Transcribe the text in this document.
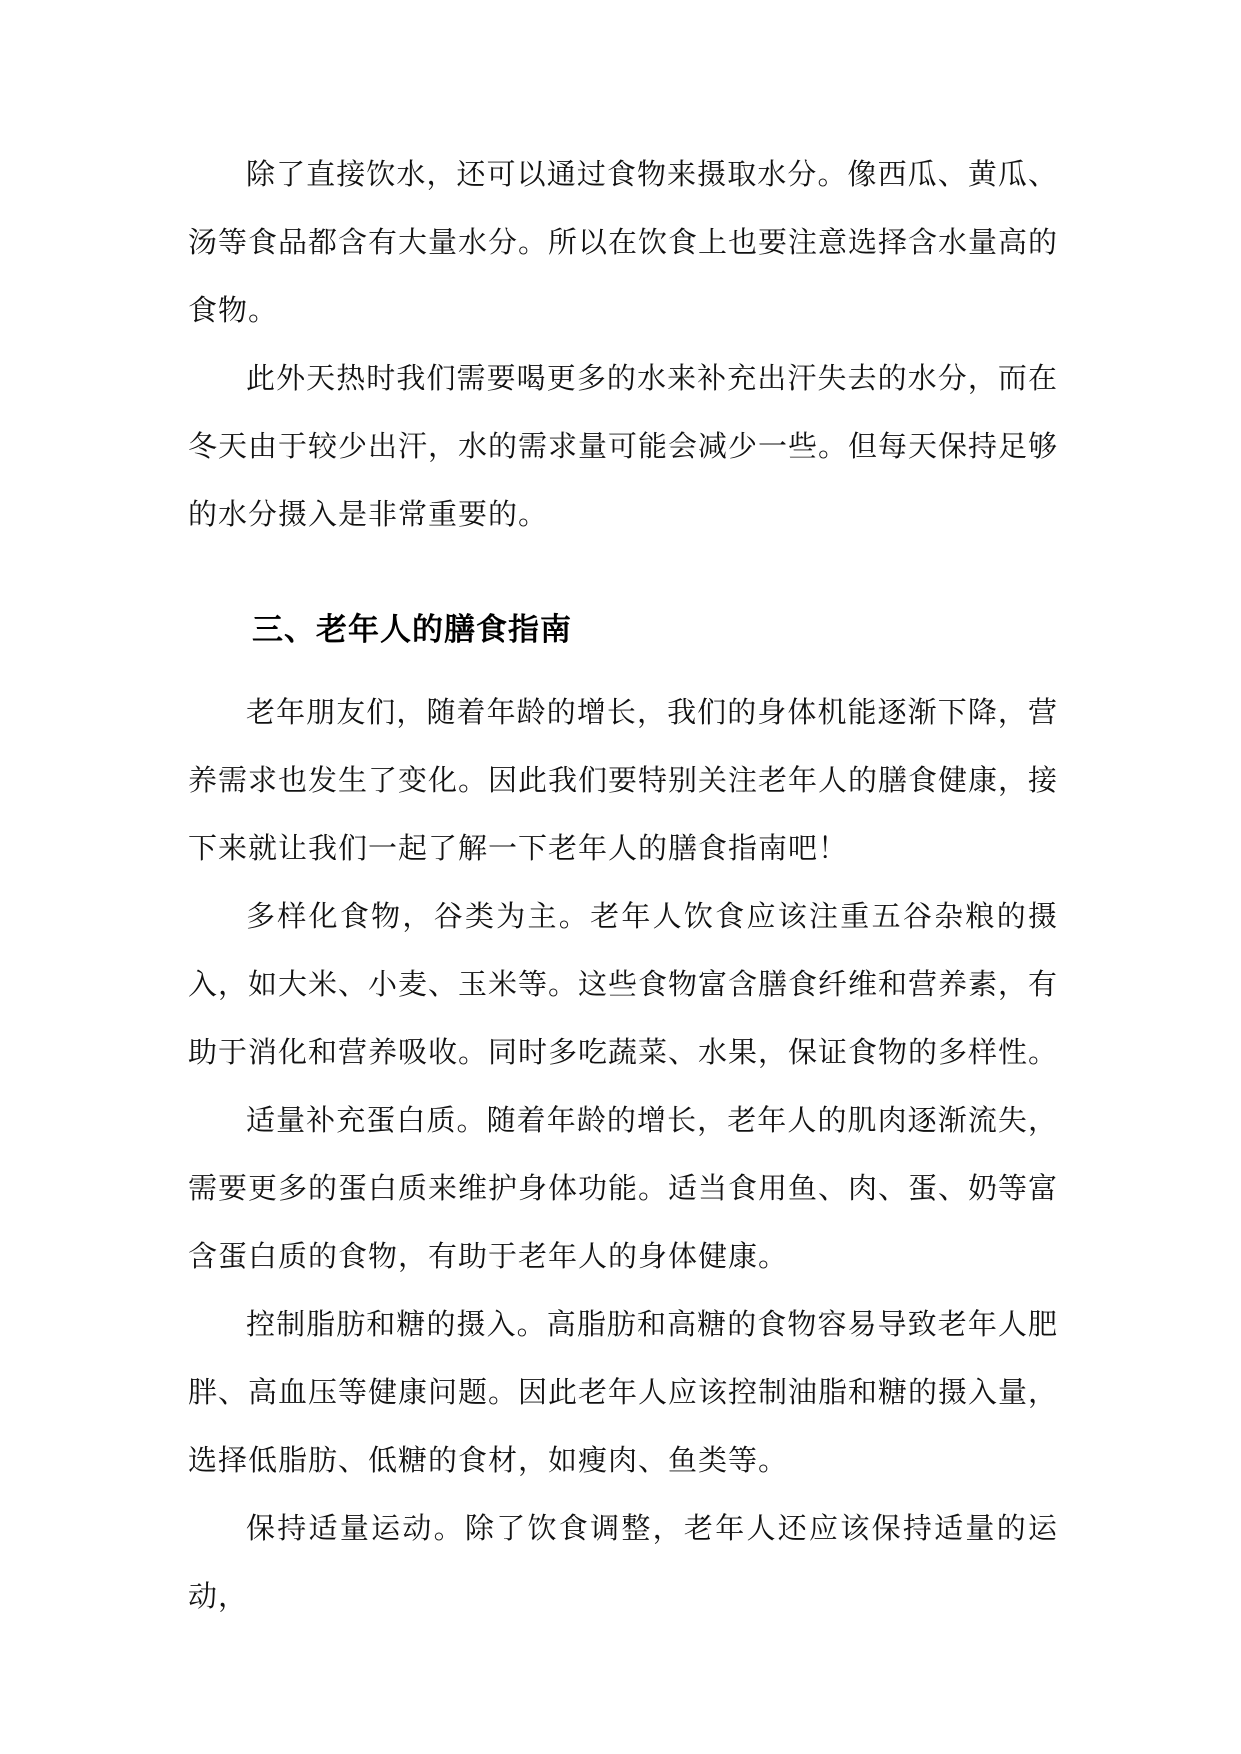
除了直接饮水，还可以通过食物来摄取水分。像西瓜、黄瓜、汤等食品都含有大量水分。所以在饮食上也要注意选择含水量高的食物。

此外天热时我们需要喝更多的水来补充出汗失去的水分，而在冬天由于较少出汗，水的需求量可能会减少一些。但每天保持足够的水分摄入是非常重要的。

三、老年人的膳食指南

老年朋友们，随着年龄的增长，我们的身体机能逐渐下降，营养需求也发生了变化。因此我们要特别关注老年人的膳食健康，接下来就让我们一起了解一下老年人的膳食指南吧！

多样化食物，谷类为主。老年人饮食应该注重五谷杂粮的摄入，如大米、小麦、玉米等。这些食物富含膳食纤维和营养素，有助于消化和营养吸收。同时多吃蔬菜、水果，保证食物的多样性。

适量补充蛋白质。随着年龄的增长，老年人的肌肉逐渐流失，需要更多的蛋白质来维护身体功能。适当食用鱼、肉、蛋、奶等富含蛋白质的食物，有助于老年人的身体健康。

控制脂肪和糖的摄入。高脂肪和高糖的食物容易导致老年人肥胖、高血压等健康问题。因此老年人应该控制油脂和糖的摄入量，选择低脂肪、低糖的食材，如瘦肉、鱼类等。

保持适量运动。除了饮食调整，老年人还应该保持适量的运动，
